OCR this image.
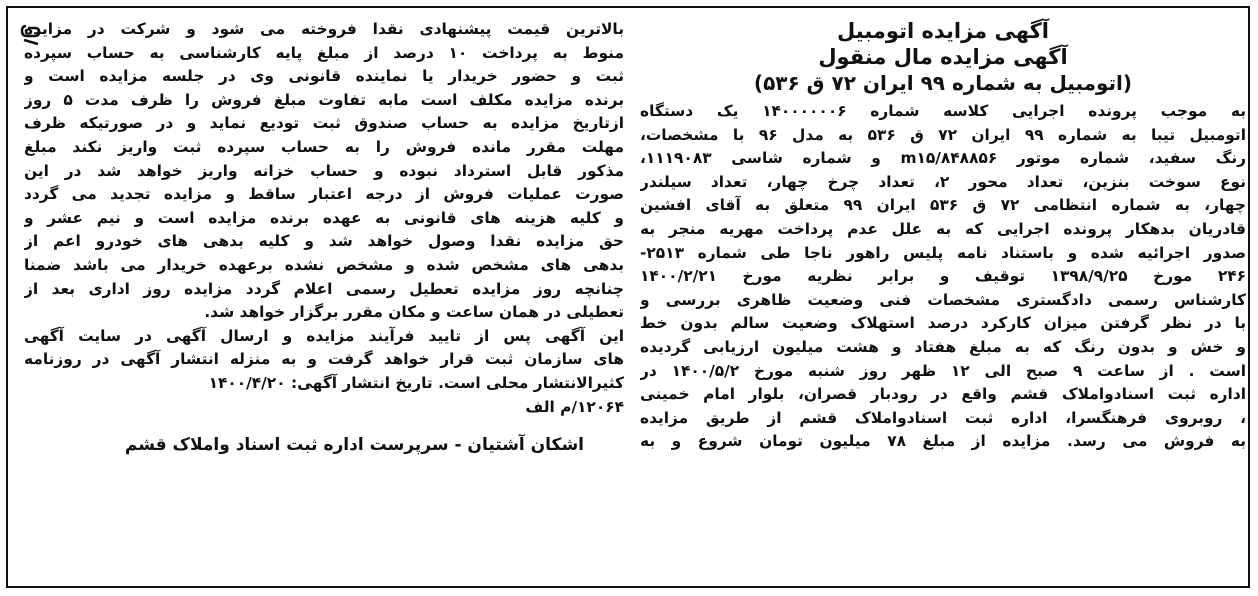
آگهی مزایده اتومبیل
آگهی مزایده مال منقول
(اتومبیل به شماره ۹۹ ایران ۷۲ ق ۵۳۶)
به موجب پرونده اجرایی کلاسه شماره ۱۴۰۰۰۰۰۰۶ یک دستگاه
اتومبیل تیبا به شماره ۹۹ ایران ۷۲ ق ۵۳۶ به مدل ۹۶ با مشخصات،
رنگ سفید، شماره موتور m۱۵/۸۴۸۸۵۶ و شماره شاسی ۱۱۱۹۰۸۳،
نوع سوخت بنزین، تعداد محور ۲، تعداد چرخ چهار، تعداد سیلندر
چهار، به شماره انتظامی ۷۲ ق ۵۳۶ ایران ۹۹ متعلق به آقای افشین
قادریان بدهکار پرونده اجرایی که به علل عدم پرداخت مهریه منجر به
صدور اجرائیه شده و باستناد نامه پلیس راهور ناجا طی شماره ۲۵۱۳-
۲۴۶ مورخ ۱۳۹۸/۹/۲۵ توقیف و برابر نظریه مورخ ۱۴۰۰/۲/۲۱
کارشناس رسمی دادگستری مشخصات فنی وضعیت ظاهری بررسی و
با در نظر گرفتن میزان کارکرد درصد استهلاک وضعیت سالم بدون خط
و خش و بدون رنگ که به مبلغ هفتاد و هشت میلیون ارزیابی گردیده
است . از ساعت ۹ صبح الی ۱۲ ظهر روز شنبه مورخ ۱۴۰۰/۵/۲ در
اداره ثبت اسنادواملاک قشم واقع در رودبار قصران، بلوار امام خمینی
، روبروی فرهنگسرا، اداره ثبت اسنادواملاک قشم از طریق مزایده
به فروش می رسد. مزایده از مبلغ ۷۸ میلیون تومان شروع و به
بالاترین قیمت پیشنهادی نقدا فروخته می شود و شرکت در مزایده
منوط به پرداخت ۱۰ درصد از مبلغ پایه کارشناسی به حساب سپرده
ثبت و حضور خریدار یا نماینده قانونی وی در جلسه مزایده است و
برنده مزایده مکلف است مابه تفاوت مبلغ فروش را ظرف مدت ۵ روز
ازتاریخ مزایده به حساب صندوق ثبت تودیع نماید و در صورتیکه ظرف
مهلت مقرر مانده فروش را به حساب سپرده ثبت واریز نکند مبلغ
مذکور قابل استرداد نبوده و حساب خزانه واریز خواهد شد در این
صورت عملیات فروش از درجه اعتبار ساقط و مزایده تجدید می گردد
و کلیه هزینه های قانونی به عهده برنده مزایده است و نیم عشر و
حق مزایده نقدا وصول خواهد شد و کلیه بدهی های خودرو اعم از
بدهی های مشخص شده و مشخص نشده برعهده خریدار می باشد ضمنا
چنانچه روز مزایده تعطیل رسمی اعلام گردد مزایده روز اداری بعد از
تعطیلی در همان ساعت و مکان مقرر برگزار خواهد شد.
این آگهی پس از تایید فرآیند مزایده و ارسال آگهی در سایت آگهی
های سازمان ثبت قرار خواهد گرفت و به منزله انتشار آگهی در روزنامه
کثیرالانتشار محلی است. تاریخ انتشار آگهی: ۱۴۰۰/۴/۲۰
۱۲۰۶۴/م الف
اشکان آشتیان - سرپرست اداره ثبت اسناد واملاک قشم
